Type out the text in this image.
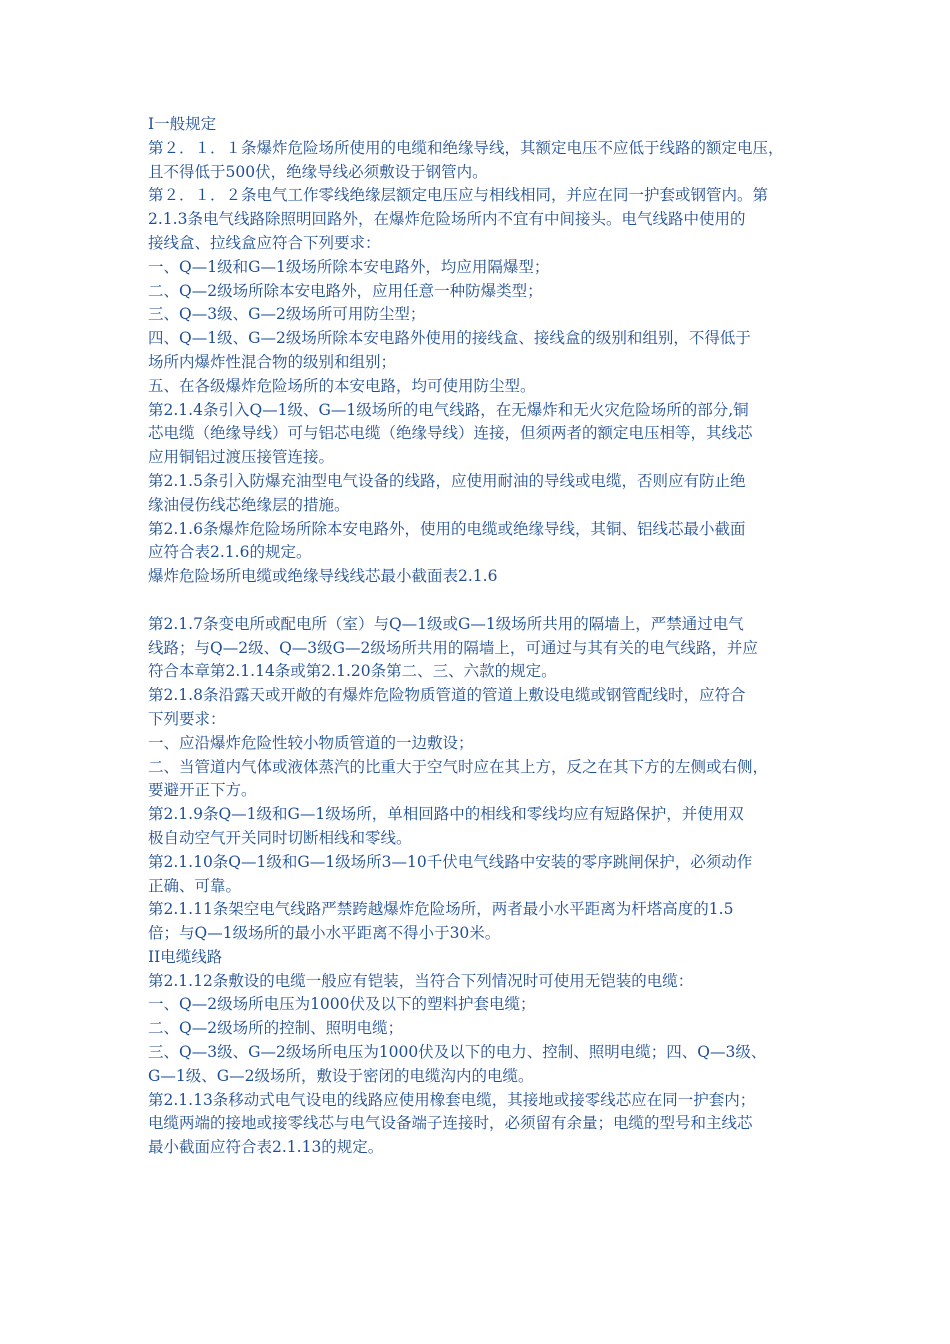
I一般规定
第２．１．１条爆炸危险场所使用的电缆和绝缘导线，其额定电压不应低于线路的额定电压，
且不得低于500伏，绝缘导线必须敷设于钢管内。
第２．１．２条电气工作零线绝缘层额定电压应与相线相同，并应在同一护套或钢管内。第
2.1.3条电气线路除照明回路外，在爆炸危险场所内不宜有中间接头。电气线路中使用的
接线盒、拉线盒应符合下列要求：
一、Q—1级和G—1级场所除本安电路外，均应用隔爆型；
二、Q—2级场所除本安电路外，应用任意一种防爆类型；
三、Q—3级、G—2级场所可用防尘型；
四、Q—1级、G—2级场所除本安电路外使用的接线盒、接线盒的级别和组别，不得低于
场所内爆炸性混合物的级别和组别；
五、在各级爆炸危险场所的本安电路，均可使用防尘型。
第2.1.4条引入Q—1级、G—1级场所的电气线路，在无爆炸和无火灾危险场所的部分,铜
芯电缆（绝缘导线）可与铝芯电缆（绝缘导线）连接，但须两者的额定电压相等，其线芯
应用铜铝过渡压接管连接。
第2.1.5条引入防爆充油型电气设备的线路，应使用耐油的导线或电缆，否则应有防止绝
缘油侵伤线芯绝缘层的措施。
第2.1.6条爆炸危险场所除本安电路外，使用的电缆或绝缘导线，其铜、铝线芯最小截面
应符合表2.1.6的规定。
爆炸危险场所电缆或绝缘导线线芯最小截面表2.1.6
第2.1.7条变电所或配电所（室）与Q—1级或G—1级场所共用的隔墙上，严禁通过电气
线路；与Q—2级、Q—3级G—2级场所共用的隔墙上，可通过与其有关的电气线路，并应
符合本章第2.1.14条或第2.1.20条第二、三、六款的规定。
第2.1.8条沿露天或开敞的有爆炸危险物质管道的管道上敷设电缆或钢管配线时，应符合
下列要求：
一、应沿爆炸危险性较小物质管道的一边敷设；
二、当管道内气体或液体蒸汽的比重大于空气时应在其上方，反之在其下方的左侧或右侧，
要避开正下方。
第2.1.9条Q—1级和G—1级场所，单相回路中的相线和零线均应有短路保护，并使用双
极自动空气开关同时切断相线和零线。
第2.1.10条Q—1级和G—1级场所3—10千伏电气线路中安装的零序跳闸保护，必须动作
正确、可靠。
第2.1.11条架空电气线路严禁跨越爆炸危险场所，两者最小水平距离为杆塔高度的1.5
倍；与Q—1级场所的最小水平距离不得小于30米。
II电缆线路
第2.1.12条敷设的电缆一般应有铠装，当符合下列情况时可使用无铠装的电缆：
一、Q—2级场所电压为1000伏及以下的塑料护套电缆；
二、Q—2级场所的控制、照明电缆；
三、Q—3级、G—2级场所电压为1000伏及以下的电力、控制、照明电缆；四、Q—3级、
G—1级、G—2级场所，敷设于密闭的电缆沟内的电缆。
第2.1.13条移动式电气设电的线路应使用橡套电缆，其接地或接零线芯应在同一护套内；
电缆两端的接地或接零线芯与电气设备端子连接时，必须留有余量；电缆的型号和主线芯
最小截面应符合表2.1.13的规定。
